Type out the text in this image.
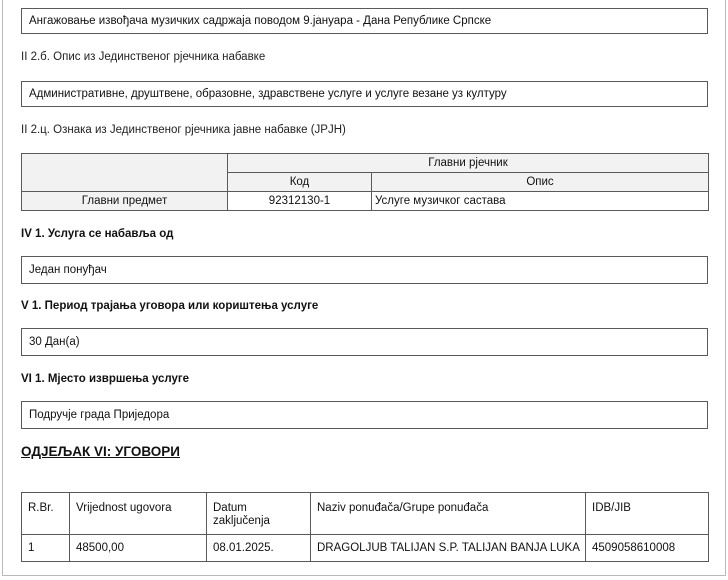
Ангажовање извођача музичких садржаја поводом 9.јануара - Дана Републике Српске
II 2.б. Опис из Јединственог рјечника набавке
Административне, друштвене, образовне, здравствене услуге и услуге везане уз културу
II 2.ц. Ознака из Јединственог рјечника јавне набавке (JPJH)
	Главни рјечник	
	Код	Опис
Главни предмет	92312130-1	Услуге музичког састава
IV 1. Услуга се набавља од
Један понуђач
V 1. Период трајања уговора или кориштења услуге
30 Дан(а)
VI 1. Мјесто извршења услуге
Подручје града Приједора
ОДЈЕЉАК VI: УГОВОРИ
R.Br.	Vrijednost ugovora	Datum zaključenja	Naziv ponuđača/Grupe ponuđača	IDB/JIB
1	48500,00	08.01.2025.	DRAGOLJUB TALIJAN S.P. TALIJAN BANJA LUKA	4509058610008
